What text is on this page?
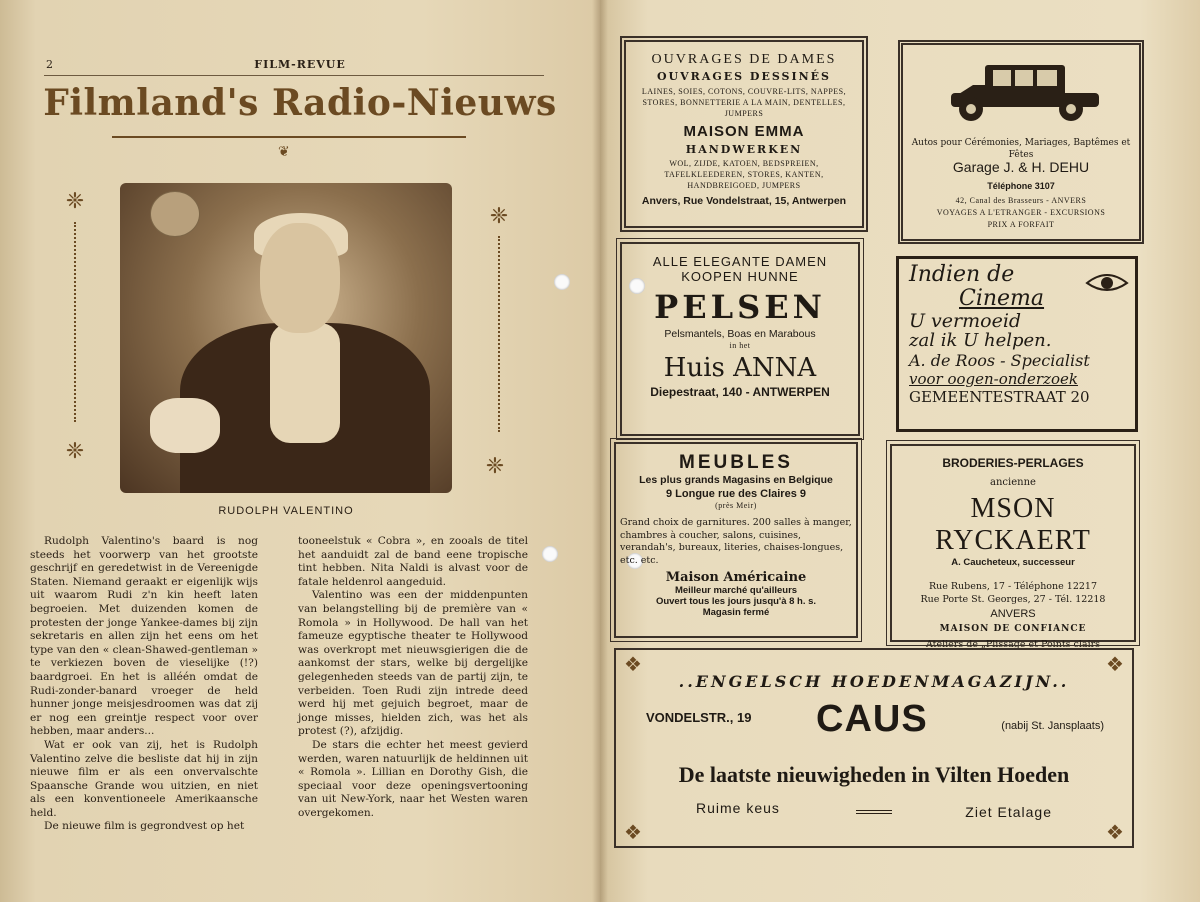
2	FILM-REVUE
Filmland's Radio-Nieuws
❦
❈
❈
❈
❈
RUDOLPH VALENTINO

Rudolph Valentino's baard is nog steeds het voorwerp van het grootste geschrijf en geredetwist in de Vereenigde Staten. Niemand geraakt er eigenlijk wijs uit waarom Rudi z'n kin heeft laten begroeien. Met duizenden komen de protesten der jonge Yankee-dames bij zijn sekretaris en allen zijn het eens om het type van den « clean-Shawed-gentleman » te verkiezen boven de vieselijke (!?) baardgroei. En het is alléén omdat de Rudi-zonder-banard vroeger de held hunner jonge meisjesdroomen was dat zij er nog een greintje respect voor over hebben, maar anders...

Wat er ook van zij, het is Rudolph Valentino zelve die besliste dat hij in zijn nieuwe film er als een onvervalschte Spaansche Grande wou uitzien, en niet als een konventioneele Amerikaansche held.

De nieuwe film is gegrondvest op het

tooneelstuk « Cobra », en zooals de titel het aanduidt zal de band eene tropische tint hebben. Nita Naldi is alvast voor de fatale heldenrol aangeduid.

Valentino was een der middenpunten van belangstelling bij de première van « Romola » in Hollywood. De hall van het fameuze egyptische theater te Hollywood was overkropt met nieuwsgierigen die de aankomst der stars, welke bij dergelijke gelegenheden steeds van de partij zijn, te verbeiden. Toen Rudi zijn intrede deed werd hij met gejuich begroet, maar de jonge misses, hielden zich, was het als protest (?), afzijdig.

De stars die echter het meest gevierd werden, waren natuurlijk de heldinnen uit « Romola ». Lillian en Dorothy Gish, die speciaal voor deze openingsvertooning van uit New-York, naar het Westen waren overgekomen.

OUVRAGES DE DAMES
OUVRAGES DESSINÉS
LAINES, SOIES, COTONS, COUVRE-LITS, NAPPES, STORES, BONNETTERIE A LA MAIN, DENTELLES, JUMPERS
MAISON EMMA
HANDWERKEN
WOL, ZIJDE, KATOEN, BEDSPREIEN, TAFELKLEEDEREN, STORES, KANTEN, HANDBREIGOED, JUMPERS
Anvers, Rue Vondelstraat, 15, Antwerpen
Autos pour Cérémonies, Mariages, Baptêmes et Fêtes
Garage J. & H. DEHU
Téléphone 3107
42, Canal des Brasseurs - ANVERS
VOYAGES A L'ETRANGER - EXCURSIONS
PRIX A FORFAIT
ALLE ELEGANTE DAMEN KOOPEN HUNNE
PELSEN
Pelsmantels, Boas en Marabous
in het
Huis ANNA
Diepestraat, 140 - ANTWERPEN
Indien de
Cinema
U vermoeid
zal ik U helpen.
A. de Roos - Specialist
voor oogen-onderzoek
GEMEENTESTRAAT 20
MEUBLES
Les plus grands Magasins en Belgique
9 Longue rue des Claires 9
(près Meir)
Grand choix de garnitures. 200 salles à manger, chambres à coucher, salons, cuisines, verandah's, bureaux, literies, chaises-longues, etc. etc.
Maison Américaine
Meilleur marché qu'ailleurs
Ouvert tous les jours jusqu'à 8 h. s.
Magasin fermé
BRODERIES-PERLAGES
ancienne
MSON RYCKAERT
A. Caucheteux, successeur
Rue Rubens, 17 - Téléphone 12217
Rue Porte St. Georges, 27 - Tél. 12218
ANVERS
MAISON DE CONFIANCE
Ateliers de „Plissage et Points clairs
❖	❖
❖	❖
..ENGELSCH HOEDENMAGAZIJN..
VONDELSTR., 19 CAUS	(nabij St. Jansplaats)
De laatste nieuwigheden in Vilten Hoeden
Ruime keus	Ziet Etalage
